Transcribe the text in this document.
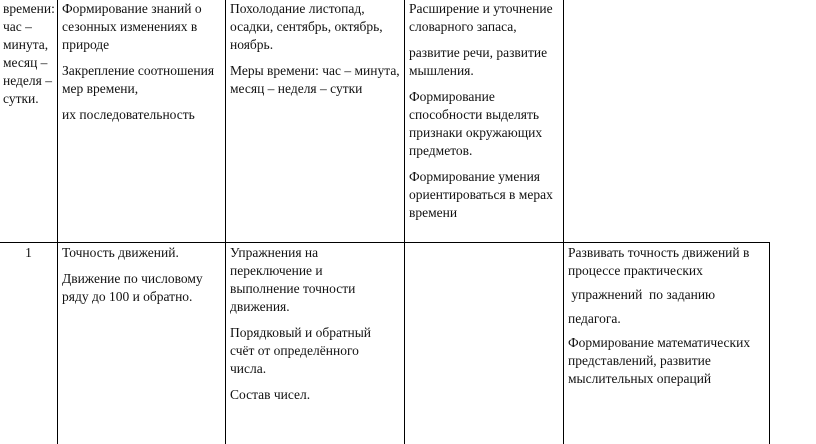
времени: час – минута, месяц – неделя – сутки.

Формирование знаний о сезонных изменениях в природе

Закрепление соотношения мер времени,

их последовательность

Похолодание листопад, осадки, сентябрь, октябрь, ноябрь.

Меры времени: час – минута, месяц – неделя – сутки

Расширение и уточнение словарного запаса,

развитие речи, развитие мышления.

Формирование способности выделять признаки окружающих предметов.

Формирование умения ориентироваться в мерах времени

1	Точность движений.

Движение по числовому ряду до 100 и обратно.

Упражнения на переключение и выполнение точности движения.

Порядковый и обратный счёт от определённого числа.

Состав чисел.

Развивать точность движений в процессе практических

упражнений  по заданию

педагога.

Формирование математических представлений, развитие мыслительных операций
